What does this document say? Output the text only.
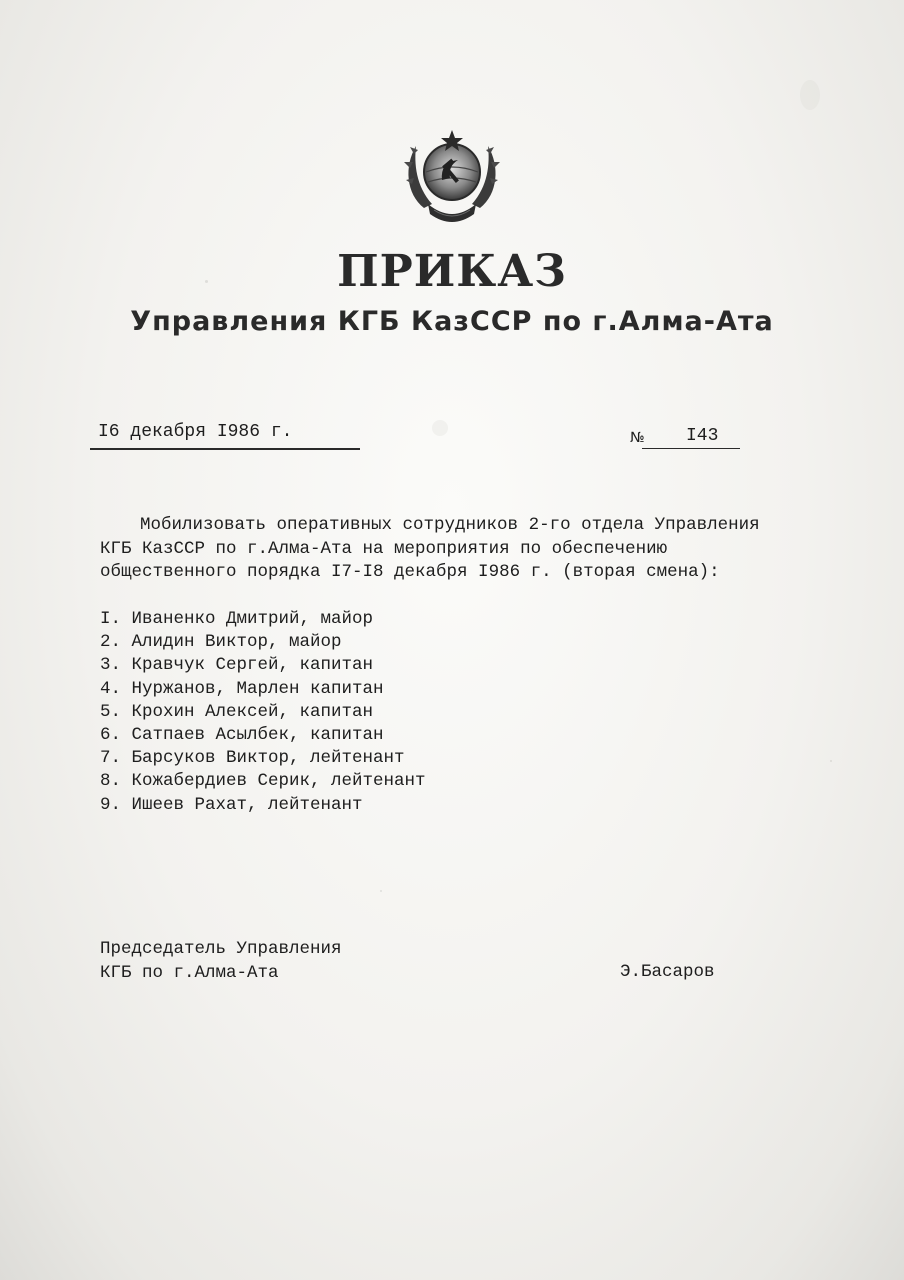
ПРИКАЗ
Управления КГБ КазССР по г.Алма-Ата
I6 декабря I986 г.	№ I43
Мобилизовать оперативных сотрудников 2-го отдела Управления
КГБ КазССР по г.Алма-Ата на мероприятия по обеспечению
общественного порядка I7-I8 декабря I986 г. (вторая смена):
I. Иваненко Дмитрий, майор
2. Алидин Виктор, майор
3. Кравчук Сергей, капитан
4. Нуржанов, Марлен капитан
5. Крохин Алексей, капитан
6. Сатпаев Асылбек, капитан
7. Барсуков Виктор, лейтенант
8. Кожабердиев Серик, лейтенант
9. Ишеев Рахат, лейтенант
Председатель Управления
КГБ по г.Алма-Ата	Э.Басаров
